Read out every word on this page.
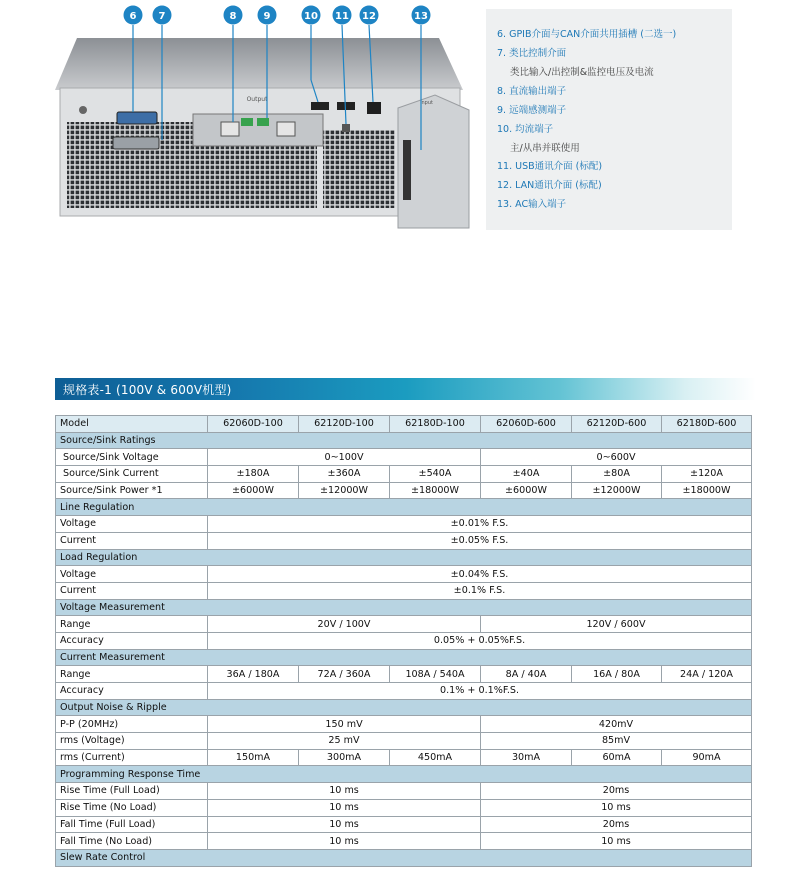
Output	Input
6 7	8	9	10 11 12	13
6. GPIB介面与CAN介面共用插槽 (二选一)
7. 类比控制介面
类比输入/出控制&监控电压及电流
8. 直流输出端子
9. 远端感测端子
10. 均流端子
主/从串并联使用
11. USB通讯介面 (标配)
12. LAN通讯介面 (标配)
13. AC输入端子
规格表-1 (100V & 600V机型)
Model	62060D-100	62120D-100	62180D-100	62060D-600	62120D-600	62180D-600
Source/Sink Ratings						
Source/Sink Voltage	0~100V			0~600V		
Source/Sink Current	±180A	±360A	±540A	±40A	±80A	±120A
Source/Sink Power *1	±6000W	±12000W	±18000W	±6000W	±12000W	±18000W
Line Regulation						
Voltage	±0.01% F.S.					
Current	±0.05% F.S.					
Load Regulation						
Voltage	±0.04% F.S.					
Current	±0.1% F.S.					
Voltage Measurement						
Range	20V / 100V			120V / 600V		
Accuracy	0.05% + 0.05%F.S.					
Current Measurement						
Range	36A / 180A	72A / 360A	108A / 540A	8A / 40A	16A / 80A	24A / 120A
Accuracy	0.1% + 0.1%F.S.					
Output Noise & Ripple						
P-P (20MHz)	150 mV			420mV		
rms (Voltage)	25 mV			85mV		
rms (Current)	150mA	300mA	450mA	30mA	60mA	90mA
Programming Response Time						
Rise Time (Full Load)	10 ms			20ms		
Rise Time (No Load)	10 ms			10 ms		
Fall Time (Full Load)	10 ms			20ms		
Fall Time (No Load)	10 ms			10 ms		
Slew Rate Control						
